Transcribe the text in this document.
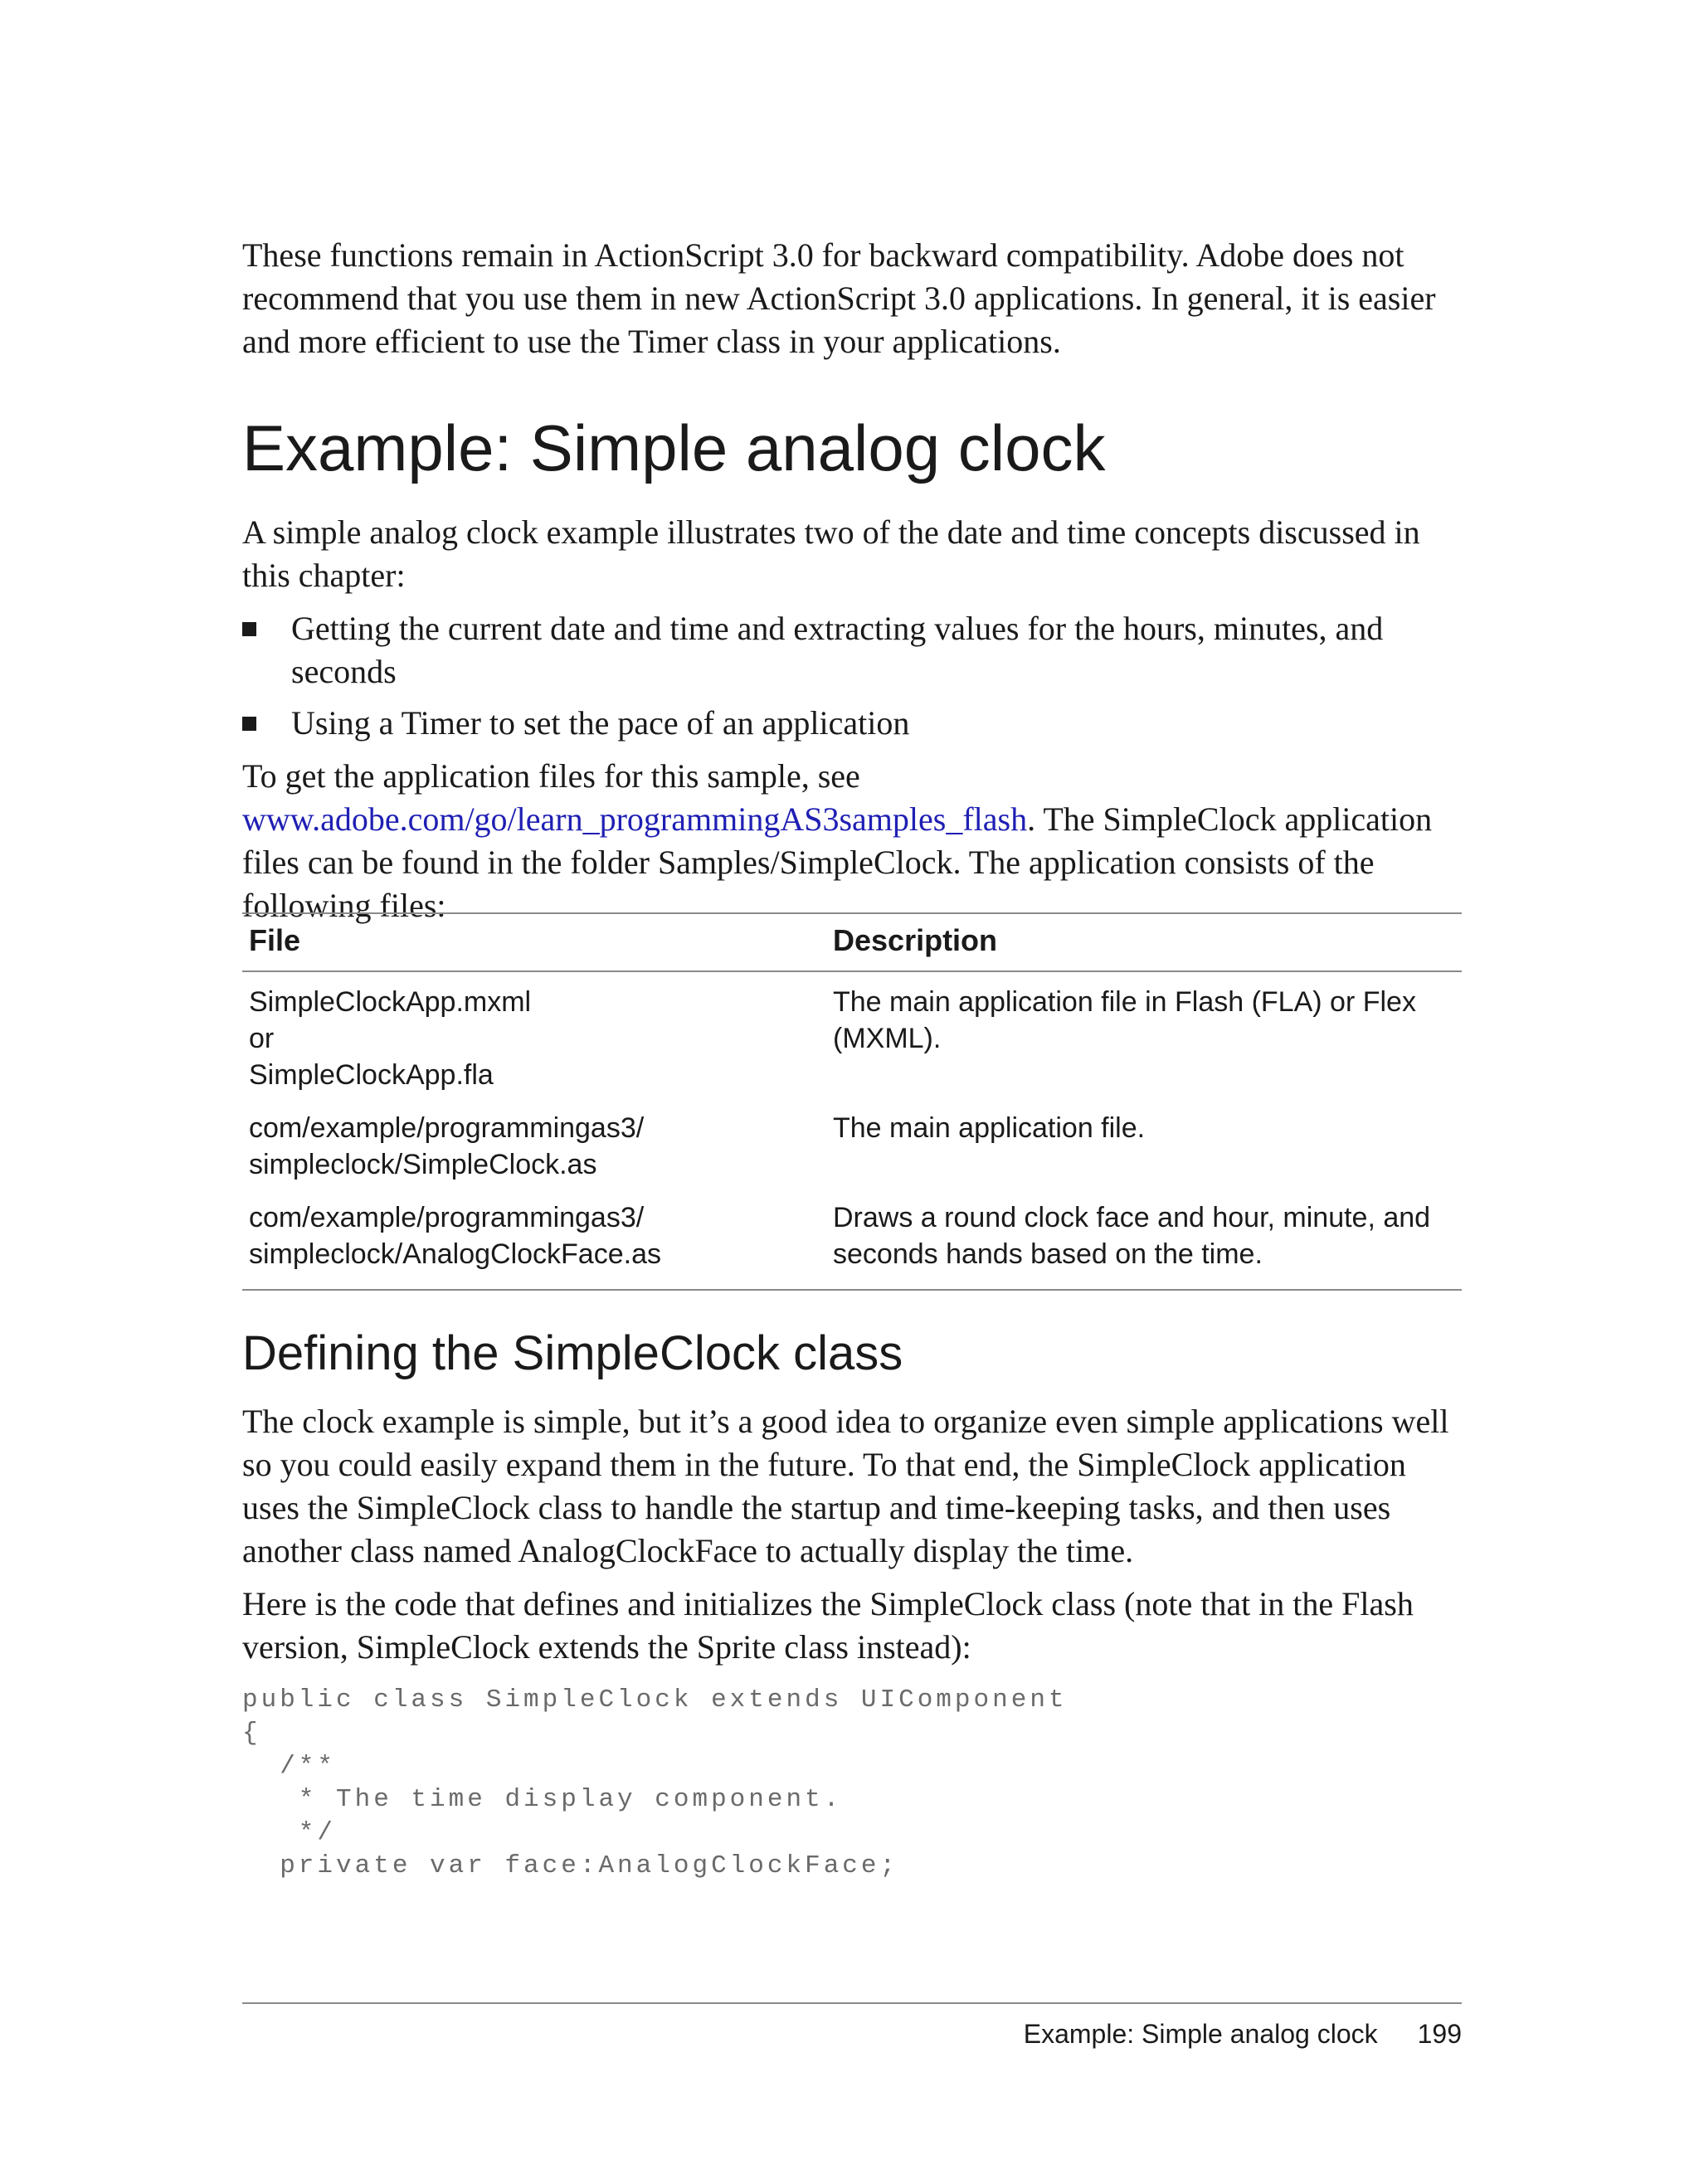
These functions remain in ActionScript 3.0 for backward compatibility. Adobe does not recommend that you use them in new ActionScript 3.0 applications. In general, it is easier and more efficient to use the Timer class in your applications.

Example: Simple analog clock

A simple analog clock example illustrates two of the date and time concepts discussed in this chapter:

Getting the current date and time and extracting values for the hours, minutes, and seconds
Using a Timer to set the pace of an application

To get the application files for this sample, see www.adobe.com/go/learn_programmingAS3samples_flash. The SimpleClock application files can be found in the folder Samples/SimpleClock. The application consists of the following files:

File	Description

SimpleClockApp.mxml
or
SimpleClockApp.fla	The main application file in Flash (FLA) or Flex (MXML).

com/example/programmingas3/
simpleclock/SimpleClock.as	The main application file.

com/example/programmingas3/
simpleclock/AnalogClockFace.as	Draws a round clock face and hour, minute, and seconds hands based on the time.
Defining the SimpleClock class

The clock example is simple, but it’s a good idea to organize even simple applications well so you could easily expand them in the future. To that end, the SimpleClock application uses the SimpleClock class to handle the startup and time-keeping tasks, and then uses another class named AnalogClockFace to actually display the time.

Here is the code that defines and initializes the SimpleClock class (note that in the Flash version, SimpleClock extends the Sprite class instead):

public class SimpleClock extends UIComponent
{
/**
* The time display component.
*/
private var face:AnalogClockFace;
Example: Simple analog clock 199
